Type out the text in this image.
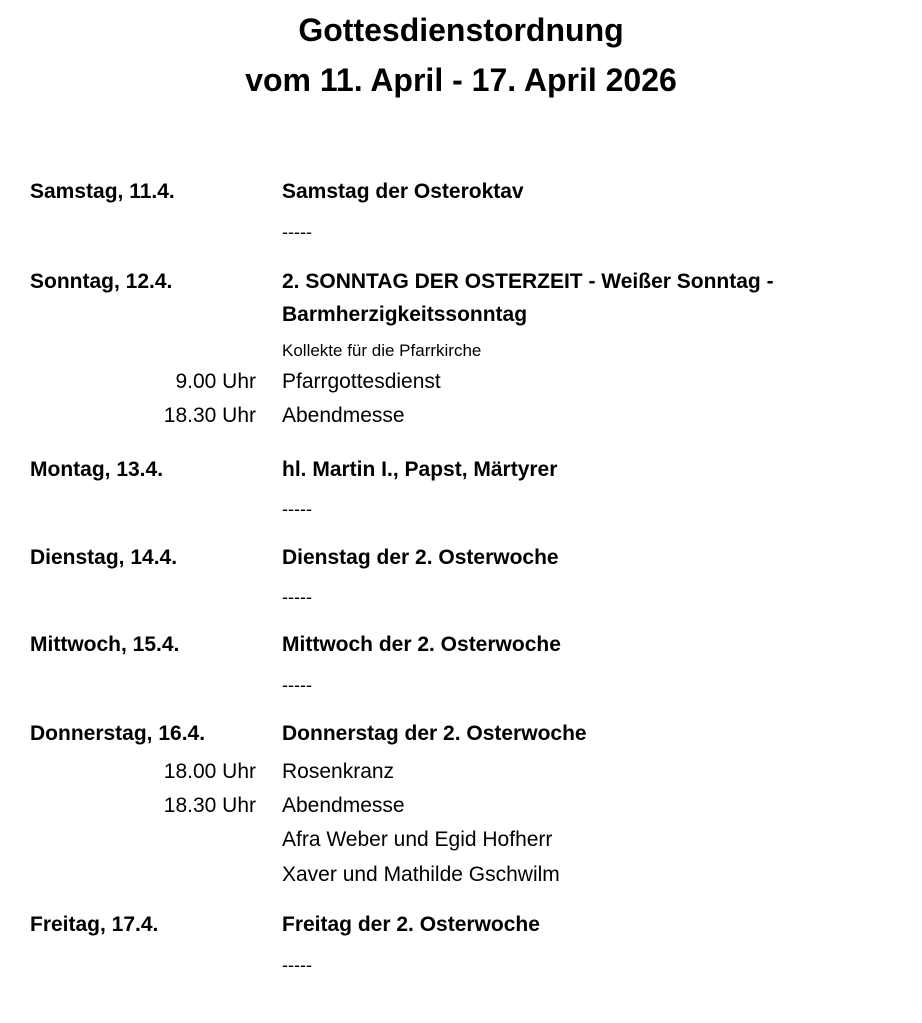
Gottesdienstordnung
vom 11. April - 17. April 2026
Samstag, 11.4.	Samstag der Osteroktav
-----
Sonntag, 12.4.	2. SONNTAG DER OSTERZEIT - Weißer Sonntag -
Barmherzigkeitssonntag
Kollekte für die Pfarrkirche
9.00 Uhr Pfarrgottesdienst
18.30 Uhr Abendmesse
Montag, 13.4.	hl. Martin I., Papst, Märtyrer
-----
Dienstag, 14.4.	Dienstag der 2. Osterwoche
-----
Mittwoch, 15.4.	Mittwoch der 2. Osterwoche
-----
Donnerstag, 16.4.	Donnerstag der 2. Osterwoche
18.00 Uhr Rosenkranz
18.30 Uhr Abendmesse
Afra Weber und Egid Hofherr
Xaver und Mathilde Gschwilm
Freitag, 17.4.	Freitag der 2. Osterwoche
-----
